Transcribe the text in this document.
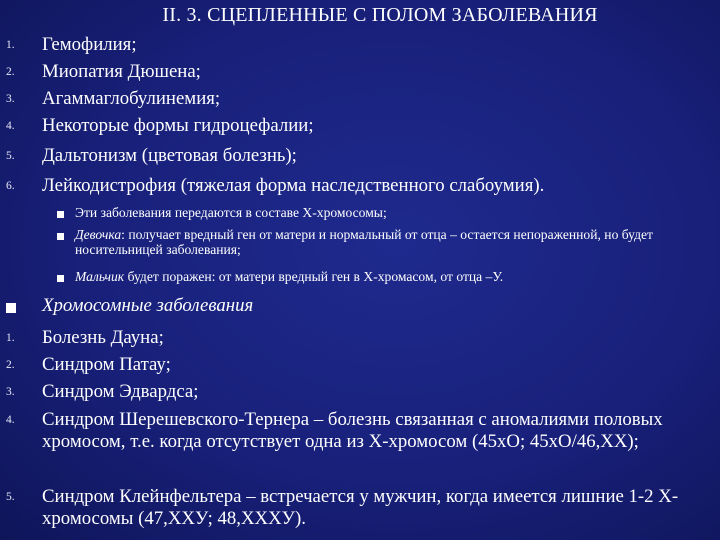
II. 3. СЦЕПЛЕННЫЕ С ПОЛОМ ЗАБОЛЕВАНИЯ
1.	Гемофилия;
2.	Миопатия Дюшена;
3.	Агаммаглобулинемия;
4.	Некоторые формы гидроцефалии;
5.	Дальтонизм (цветовая болезнь);
6.	Лейкодистрофия (тяжелая форма наследственного слабоумия).
Эти заболевания передаются в составе Х-хромосомы;
Девочка: получает вредный ген от матери и нормальный от отца – остается непораженной, но будет носительницей заболевания;
Мальчик будет поражен: от матери вредный ген в Х-хромасом, от отца –У.
Хромосомные заболевания
1.	Болезнь Дауна;
2.	Синдром Патау;
3.	Синдром Эдвардса;
4.	Синдром Шерешевского-Тернера – болезнь связанная с аномалиями половых хромосом, т.е. когда отсутствует одна из Х-хромосом (45хО; 45хО/46,ХХ);
5.	Синдром Клейнфельтера – встречается у мужчин, когда имеется лишние 1-2 Х-хромосомы (47,ХХУ; 48,ХХХУ).
